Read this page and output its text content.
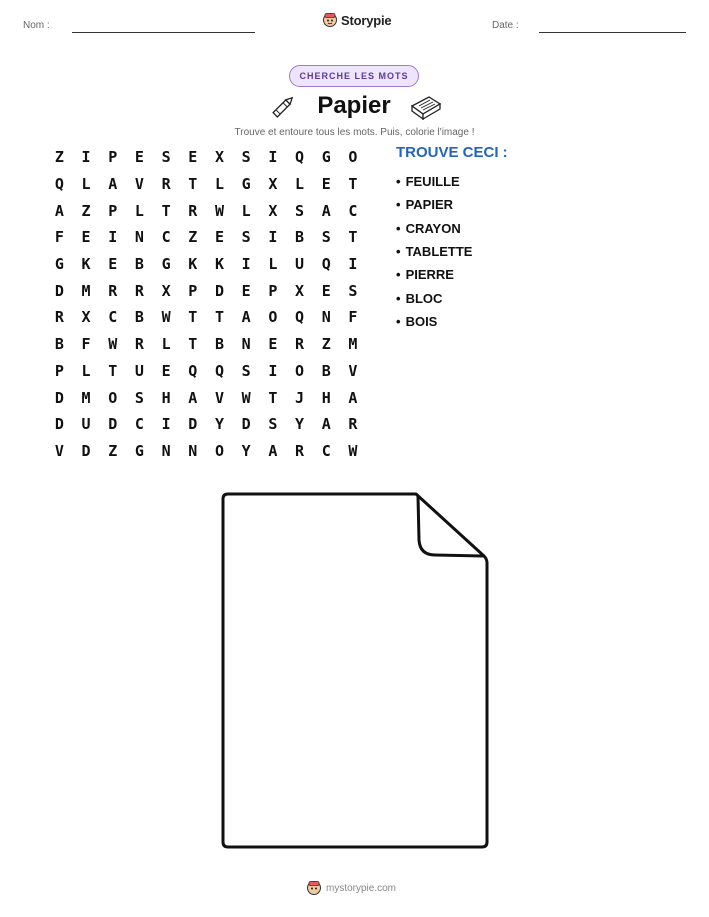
Nom :	Storypie	Date :
CHERCHE LES MOTS
Papier
Trouve et entoure tous les mots. Puis, colorie l'image !
Z	I	P	E	S	E	X	S	I	Q	G	O
Q	L	A	V	R	T	L	G	X	L	E	T
A	Z	P	L	T	R	W	L	X	S	A	C
F	E	I	N	C	Z	E	S	I	B	S	T
G	K	E	B	G	K	K	I	L	U	Q	I
D	M	R	R	X	P	D	E	P	X	E	S
R	X	C	B	W	T	T	A	O	Q	N	F
B	F	W	R	L	T	B	N	E	R	Z	M
P	L	T	U	E	Q	Q	S	I	O	B	V
D	M	O	S	H	A	V	W	T	J	H	A
D	U	D	C	I	D	Y	D	S	Y	A	R
V	D	Z	G	N	N	O	Y	A	R	C	W
TROUVE CECI :
• FEUILLE
• PAPIER
• CRAYON
• TABLETTE
• PIERRE
• BLOC
• BOIS
mystorypie.com
